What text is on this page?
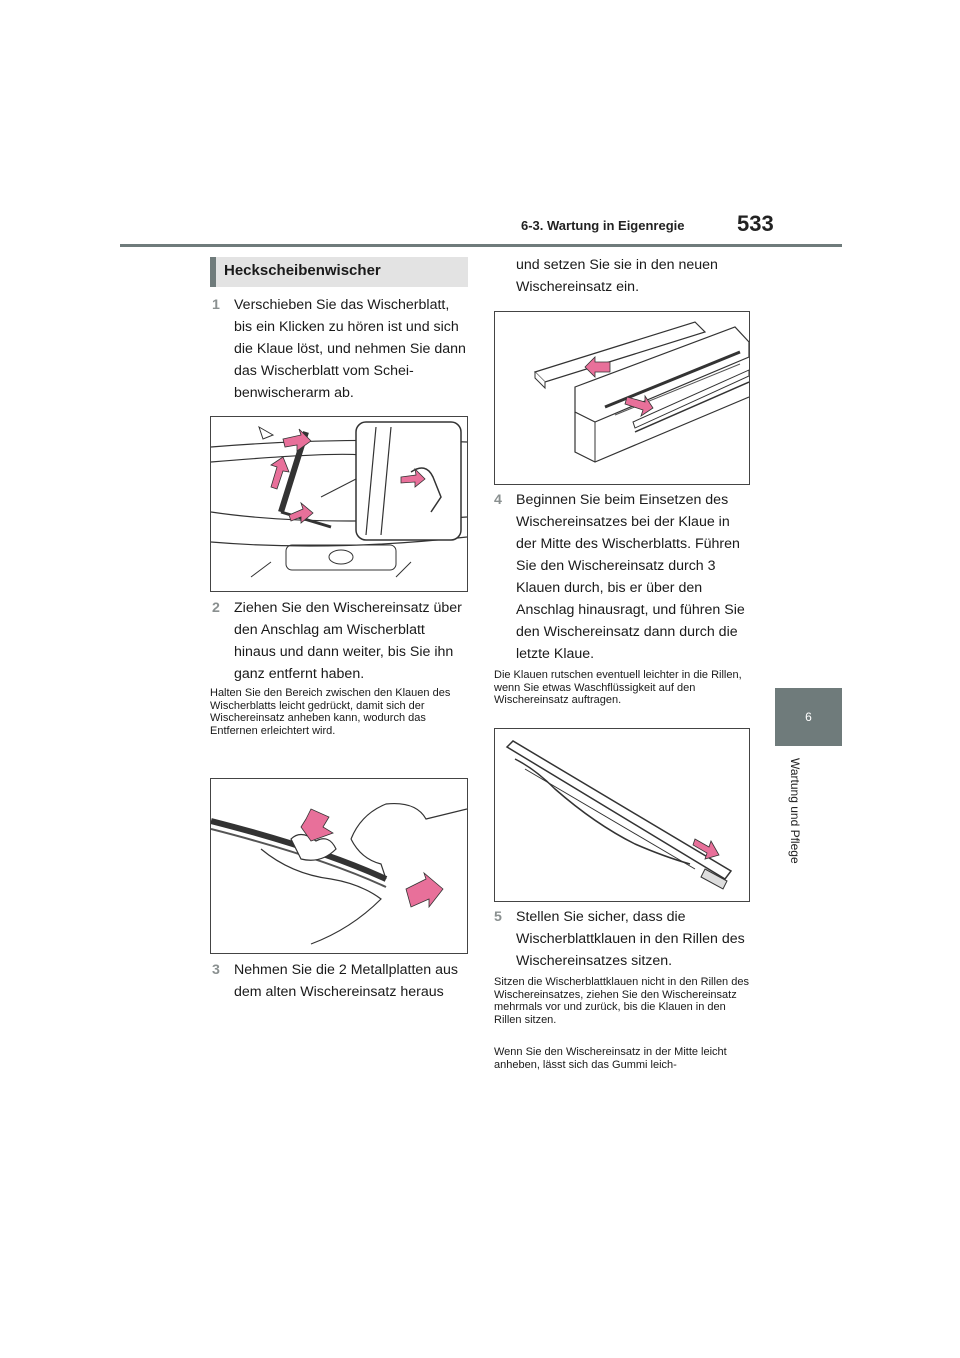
6-3. Wartung in Eigenregie 533
6
Wartung und Pflege
Heckscheibenwischer
1 Verschieben Sie das Wischerblatt, bis ein Klicken zu hören ist und sich die Klaue löst, und nehmen Sie dann das Wischerblatt vom Schei-benwischerarm ab.
2 Ziehen Sie den Wischereinsatz über den Anschlag am Wischerblatt hinaus und dann weiter, bis Sie ihn ganz entfernt haben.
Halten Sie den Bereich zwischen den Klauen des Wischerblatts leicht gedrückt, damit sich der Wischereinsatz anheben kann, wodurch das Entfernen erleichtert wird.
3 Nehmen Sie die 2 Metallplatten aus
dem alten Wischereinsatz heraus
und setzen Sie sie in den neuen
Wischereinsatz ein.
4 Beginnen Sie beim Einsetzen des Wischereinsatzes bei der Klaue in der Mitte des Wischerblatts. Führen Sie den Wischereinsatz durch 3 Klauen durch, bis er über den Anschlag hinausragt, und führen Sie den Wischereinsatz dann durch die letzte Klaue.
Die Klauen rutschen eventuell leichter in die Rillen, wenn Sie etwas Waschflüssigkeit auf den Wischereinsatz auftragen.
5 Stellen Sie sicher, dass die Wischerblattklauen in den Rillen des Wischereinsatzes sitzen.
Sitzen die Wischerblattklauen nicht in den Rillen des Wischereinsatzes, ziehen Sie den Wischereinsatz mehrmals vor und zurück, bis die Klauen in den Rillen sitzen.
Wenn Sie den Wischereinsatz in der Mitte leicht anheben, lässt sich das Gummi leich-
